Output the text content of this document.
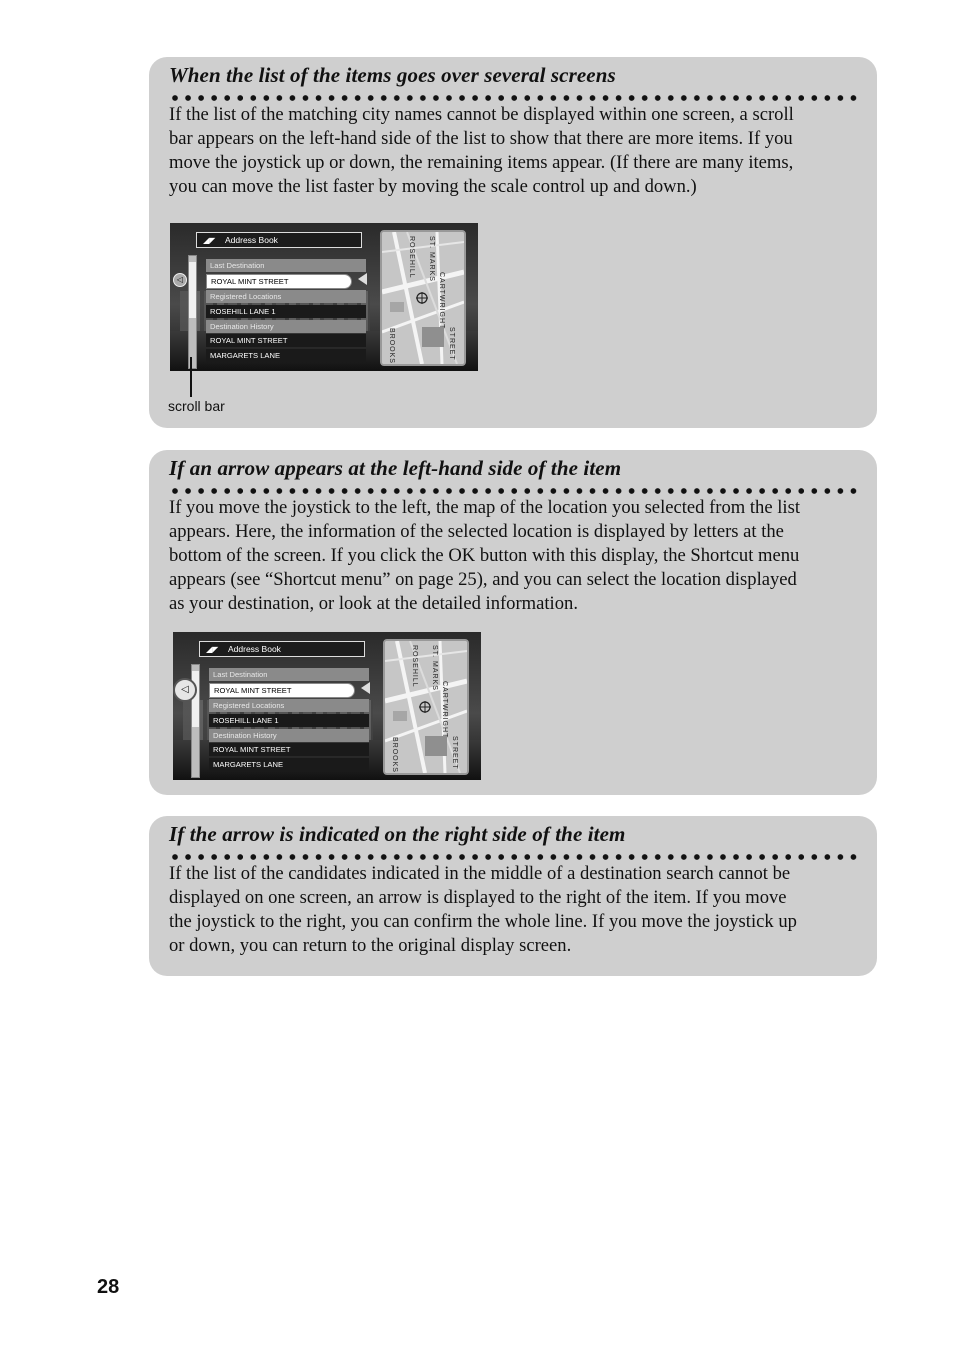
When the list of the items goes over several screens

If the list of the matching city names cannot be displayed within one screen, a scroll
bar appears on the left-hand side of the list to show that there are more items. If you
move the joystick up or down, the remaining items appear. (If there are many items,
you can move the list faster by moving the scale control up and down.)

◢◤ Address Book
◁
Last Destination
ROYAL MINT STREET
Registered Locations
ROSEHILL LANE 1
Destination History
ROYAL MINT STREET
MARGARETS LANE
ST. MARKS
CARTWRIGHT
ROSEHILL
BROOKS	STREET
scroll bar
If an arrow appears at the left-hand side of the item

If you move the joystick to the left, the map of the location you selected from the list
appears. Here, the information of the selected location is displayed by letters at the
bottom of the screen. If you click the OK button with this display, the Shortcut menu
appears (see “Shortcut menu” on page 25), and you can select the location displayed
as your destination, or look at the detailed information.

◢◤ Address Book
◁
Last Destination
ROYAL MINT STREET
Registered Locations
ROSEHILL LANE 1
Destination History
ROYAL MINT STREET
MARGARETS LANE
ST. MARKS
CARTWRIGHT
ROSEHILL
BROOKS	STREET
If the arrow is indicated on the right side of the item

If the list of the candidates indicated in the middle of a destination search cannot be
displayed on one screen, an arrow is displayed to the right of the item. If you move
the joystick to the right, you can confirm the whole line. If you move the joystick up
or down, you can return to the original display screen.

28
